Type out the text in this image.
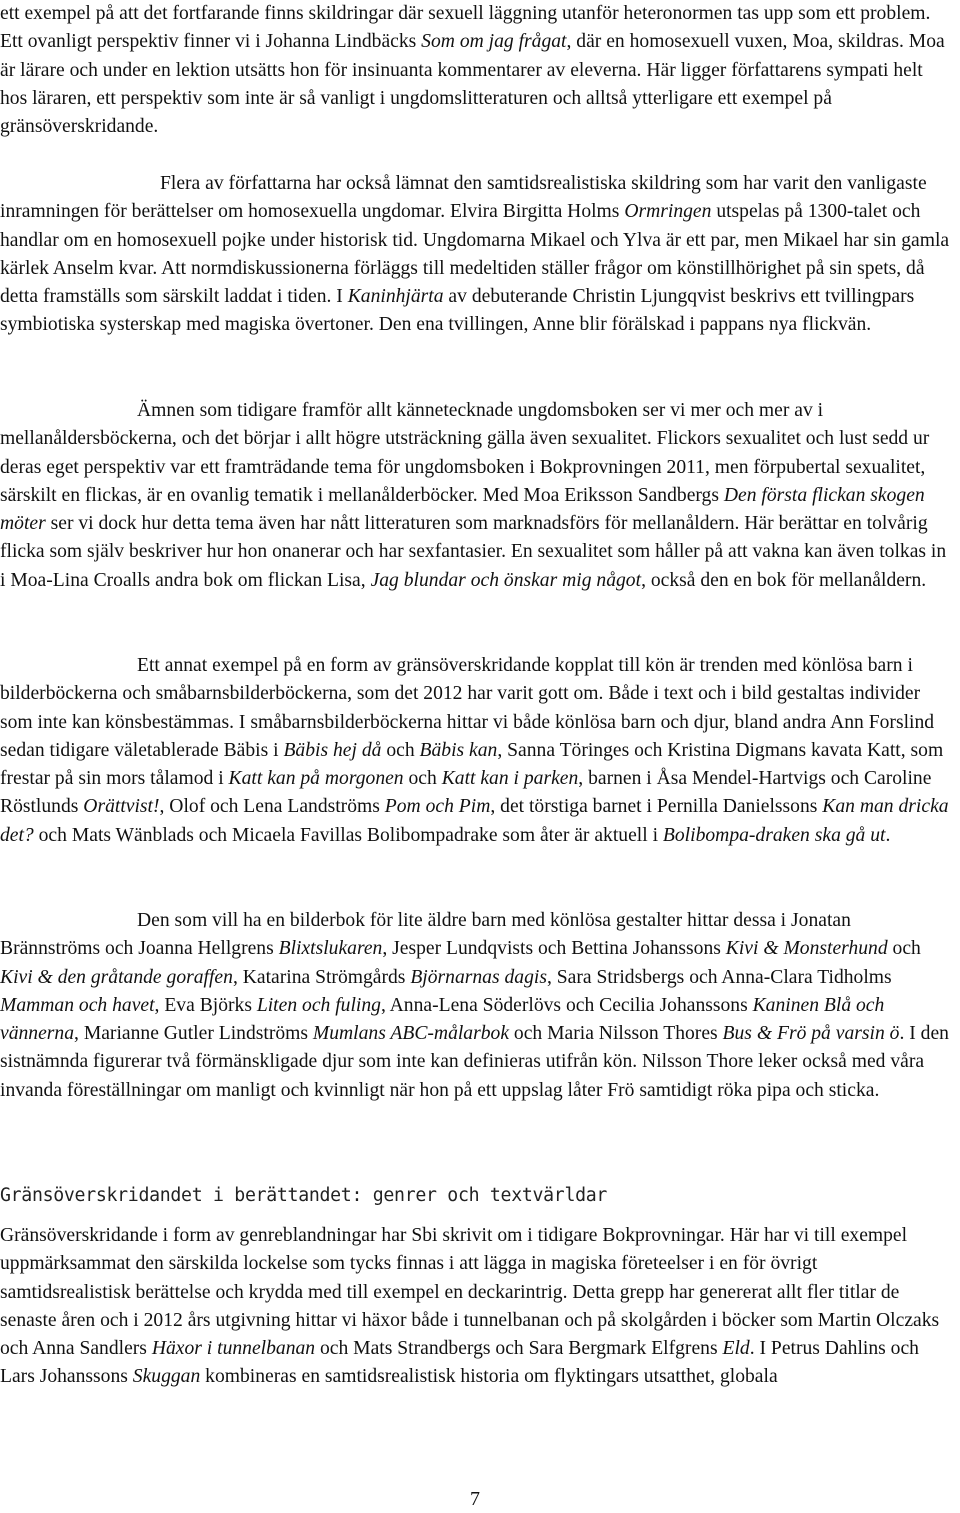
ett exempel på att det fortfarande finns skildringar där sexuell läggning utanför heteronormen tas upp som ett problem. Ett ovanligt perspektiv finner vi i Johanna Lindbäcks Som om jag frågat, där en homosexuell vuxen, Moa, skildras. Moa är lärare och under en lektion utsätts hon för insinuanta kommentarer av eleverna. Här ligger författarens sympati helt hos läraren, ett perspektiv som inte är så vanligt i ungdomslitteraturen och alltså ytterligare ett exempel på gränsöverskridande.

Flera av författarna har också lämnat den samtidsrealistiska skildring som har varit den vanligaste inramningen för berättelser om homosexuella ungdomar. Elvira Birgitta Holms Ormringen utspelas på 1300-talet och handlar om en homosexuell pojke under historisk tid. Ungdomarna Mikael och Ylva är ett par, men Mikael har sin gamla kärlek Anselm kvar. Att normdiskussionerna förläggs till medeltiden ställer frågor om könstillhörighet på sin spets, då detta framställs som särskilt laddat i tiden. I Kaninhjärta av debuterande Christin Ljungqvist beskrivs ett tvillingpars symbiotiska systerskap med magiska övertoner. Den ena tvillingen, Anne blir förälskad i pappans nya flickvän.

Ämnen som tidigare framför allt kännetecknade ungdomsboken ser vi mer och mer av i mellanåldersböckerna, och det börjar i allt högre utsträckning gälla även sexualitet. Flickors sexualitet och lust sedd ur deras eget perspektiv var ett framträdande tema för ungdomsboken i Bokprovningen 2011, men förpubertal sexualitet, särskilt en flickas, är en ovanlig tematik i mellanålderböcker. Med Moa Eriksson Sandbergs Den första flickan skogen möter ser vi dock hur detta tema även har nått litteraturen som marknadsförs för mellanåldern. Här berättar en tolvårig flicka som själv beskriver hur hon onanerar och har sexfantasier. En sexualitet som håller på att vakna kan även tolkas in i Moa-Lina Croalls andra bok om flickan Lisa, Jag blundar och önskar mig något, också den en bok för mellanåldern.

Ett annat exempel på en form av gränsöverskridande kopplat till kön är trenden med könlösa barn i bilderböckerna och småbarnsbilderböckerna, som det 2012 har varit gott om. Både i text och i bild gestaltas individer som inte kan könsbestämmas. I småbarnsbilderböckerna hittar vi både könlösa barn och djur, bland andra Ann Forslind sedan tidigare väletablerade Bäbis i Bäbis hej då och Bäbis kan, Sanna Töringes och Kristina Digmans kavata Katt, som frestar på sin mors tålamod i Katt kan på morgonen och Katt kan i parken, barnen i Åsa Mendel-Hartvigs och Caroline Röstlunds Orättvist!, Olof och Lena Landströms Pom och Pim, det törstiga barnet i Pernilla Danielssons Kan man dricka det? och Mats Wänblads och Micaela Favillas Bolibompadrake som åter är aktuell i Bolibompa-draken ska gå ut.

Den som vill ha en bilderbok för lite äldre barn med könlösa gestalter hittar dessa i Jonatan Brännströms och Joanna Hellgrens Blixtslukaren, Jesper Lundqvists och Bettina Johanssons Kivi & Monsterhund och Kivi & den gråtande goraffen, Katarina Strömgårds Björnarnas dagis, Sara Stridsbergs och Anna-Clara Tidholms Mamman och havet, Eva Björks Liten och fuling, Anna-Lena Söderlövs och Cecilia Johanssons Kaninen Blå och vännerna, Marianne Gutler Lindströms Mumlans ABC-målarbok och Maria Nilsson Thores Bus & Frö på varsin ö. I den sistnämnda figurerar två förmänskligade djur som inte kan definieras utifrån kön. Nilsson Thore leker också med våra invanda föreställningar om manligt och kvinnligt när hon på ett uppslag låter Frö samtidigt röka pipa och sticka.

Gränsöverskridandet i berättandet: genrer och textvärldar

Gränsöverskridande i form av genreblandningar har Sbi skrivit om i tidigare Bokprovningar. Här har vi till exempel uppmärksammat den särskilda lockelse som tycks finnas i att lägga in magiska företeelser i en för övrigt samtidsrealistisk berättelse och krydda med till exempel en deckarintrig. Detta grepp har genererat allt fler titlar de senaste åren och i 2012 års utgivning hittar vi häxor både i tunnelbanan och på skolgården i böcker som Martin Olczaks och Anna Sandlers Häxor i tunnelbanan och Mats Strandbergs och Sara Bergmark Elfgrens Eld. I Petrus Dahlins och Lars Johanssons Skuggan kombineras en samtidsrealistisk historia om flyktingars utsatthet, globala

7
